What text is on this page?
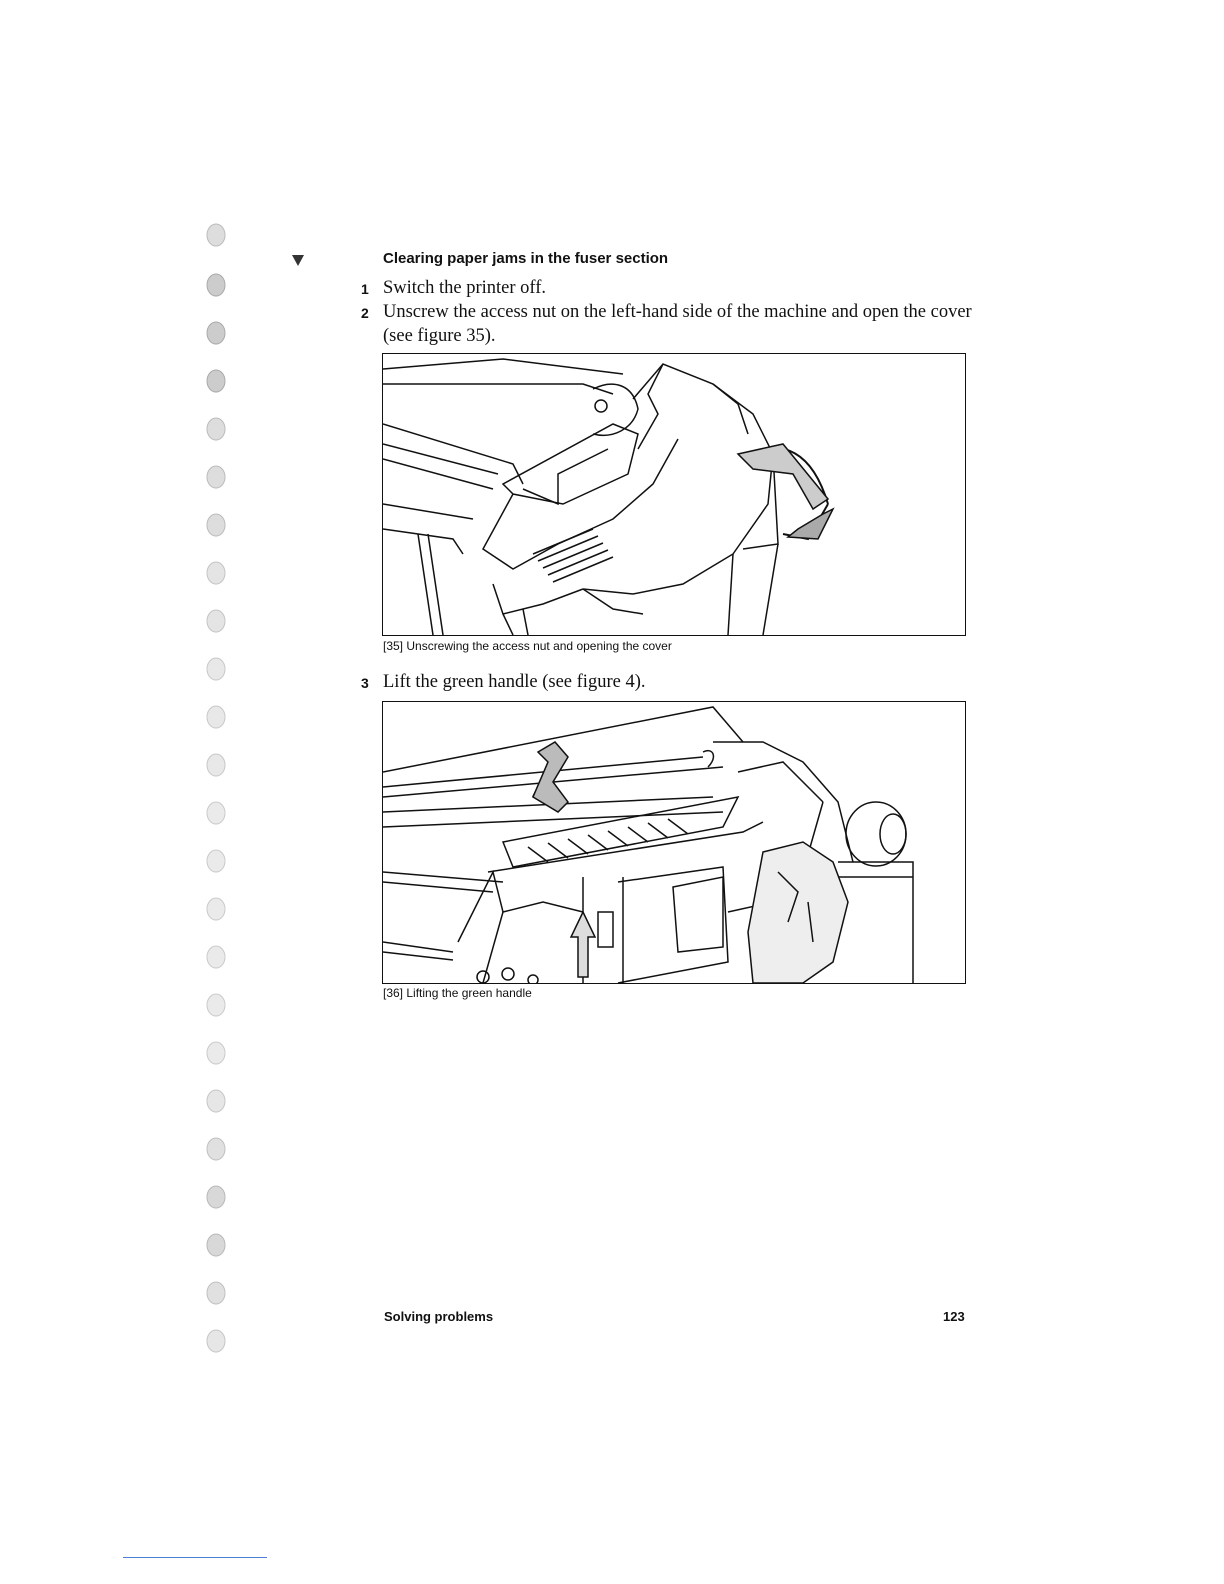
Clearing paper jams in the fuser section
1 Switch the printer off.
2 Unscrew the access nut on the left-hand side of the machine and open the cover (see figure 35).
[35] Unscrewing the access nut and opening the cover
3 Lift the green handle (see figure 4).
[36] Lifting the green handle
Solving problems	123
